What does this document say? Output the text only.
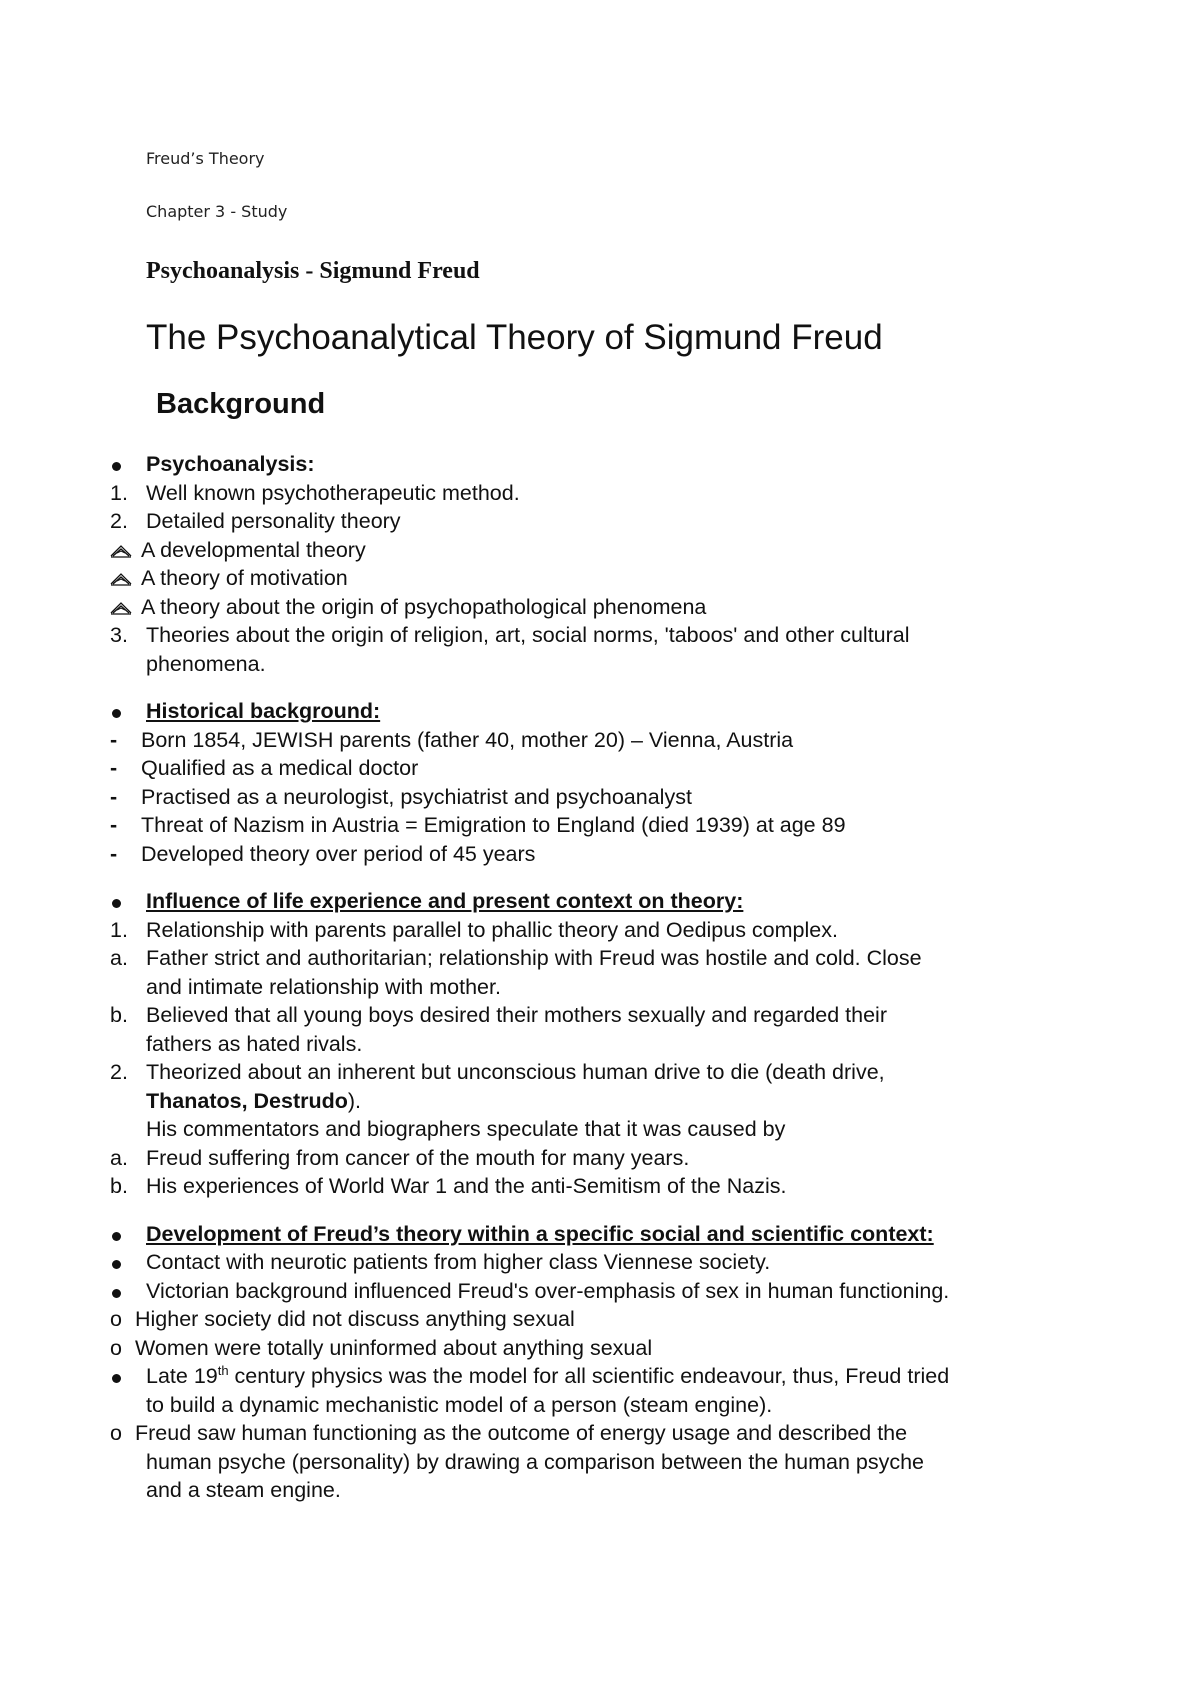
Freud’s Theory
Chapter 3 - Study
Psychoanalysis - Sigmund Freud
The Psychoanalytical Theory of Sigmund Freud
Background
Psychoanalysis:
1. Well known psychotherapeutic method.
2. Detailed personality theory
A developmental theory
A theory of motivation
A theory about the origin of psychopathological phenomena
3. Theories about the origin of religion, art, social norms, 'taboos' and other cultural
phenomena.
Historical background:
- Born 1854, JEWISH parents (father 40, mother 20) – Vienna, Austria
- Qualified as a medical doctor
- Practised as a neurologist, psychiatrist and psychoanalyst
- Threat of Nazism in Austria = Emigration to England (died 1939) at age 89
- Developed theory over period of 45 years
Influence of life experience and present context on theory:
1. Relationship with parents parallel to phallic theory and Oedipus complex.
a. Father strict and authoritarian; relationship with Freud was hostile and cold. Close
and intimate relationship with mother.
b. Believed that all young boys desired their mothers sexually and regarded their
fathers as hated rivals.
2. Theorized about an inherent but unconscious human drive to die (death drive,
Thanatos, Destrudo).
His commentators and biographers speculate that it was caused by
a. Freud suffering from cancer of the mouth for many years.
b. His experiences of World War 1 and the anti-Semitism of the Nazis.
Development of Freud’s theory within a specific social and scientific context:
Contact with neurotic patients from higher class Viennese society.
Victorian background influenced Freud's over-emphasis of sex in human functioning.
o Higher society did not discuss anything sexual
o Women were totally uninformed about anything sexual
Late 19th century physics was the model for all scientific endeavour, thus, Freud tried
to build a dynamic mechanistic model of a person (steam engine).
o Freud saw human functioning as the outcome of energy usage and described the
human psyche (personality) by drawing a comparison between the human psyche
and a steam engine.
